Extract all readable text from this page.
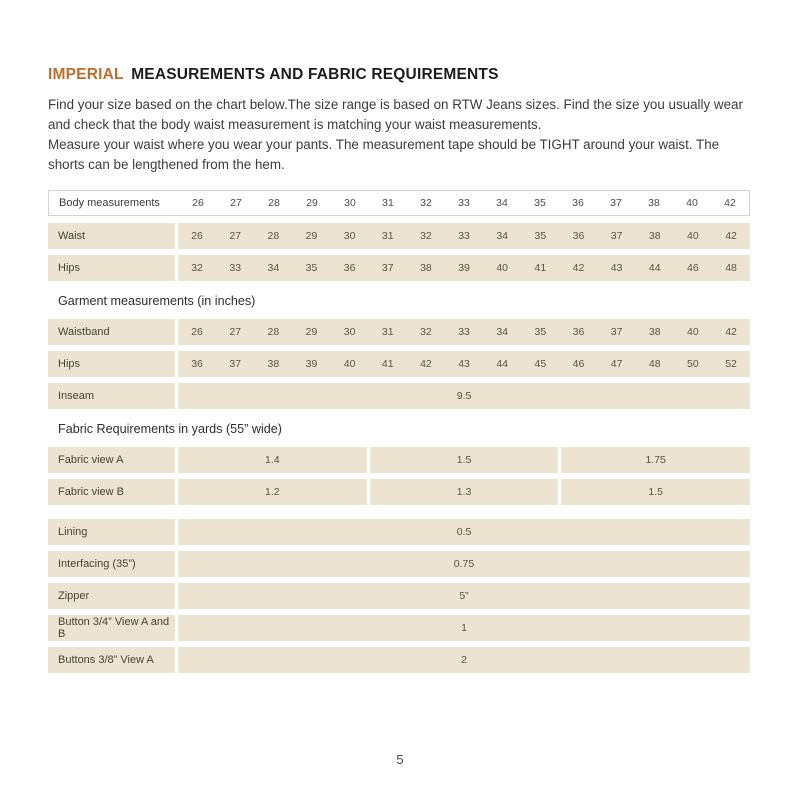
IMPERIAL MEASUREMENTS AND FABRIC REQUIREMENTS

Find your size based on the chart below.The size range is based on RTW Jeans sizes. Find the size you usually wear and check that the body waist measurement is matching your waist measurements.

Measure your waist where you wear your pants. The measurement tape should be TIGHT around your waist. The shorts can be lengthened from the hem.

Body measurements	26	27	28	29	30	31	32	33	34	35	36	37	38	40	42
Waist	26	27	28	29	30	31	32	33	34	35	36	37	38	40	42
Hips	32	33	34	35	36	37	38	39	40	41	42	43	44	46	48
Garment measurements (in inches)
Waistband	26	27	28	29	30	31	32	33	34	35	36	37	38	40	42
Hips	36	37	38	39	40	41	42	43	44	45	46	47	48	50	52
Inseam	9.5
Fabric Requirements in yards (55” wide)
Fabric view A	1.4	1.5	1.75
Fabric view B	1.2	1.3	1.5
Lining	0.5
Interfacing (35”)	0.75
Zipper	5”
Button 3/4” View A and B	1
Buttons 3/8” View A	2
5
